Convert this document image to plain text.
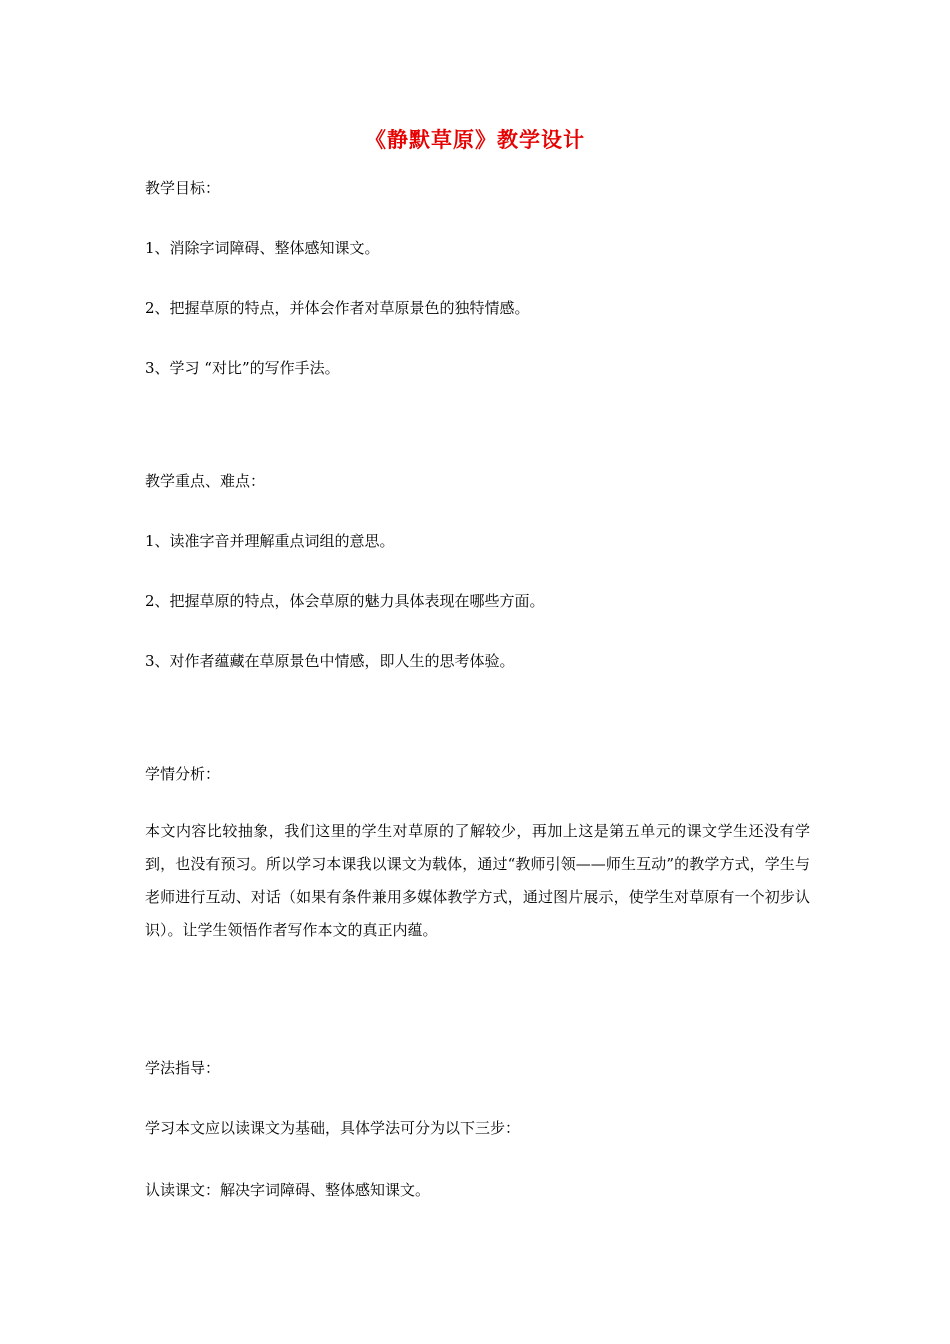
《静默草原》教学设计
教学目标：
1、消除字词障碍、整体感知课文。
2、把握草原的特点，并体会作者对草原景色的独特情感。
3、学习 “对比”的写作手法。
教学重点、难点：
1、读准字音并理解重点词组的意思。
2、把握草原的特点，体会草原的魅力具体表现在哪些方面。
3、对作者蕴藏在草原景色中情感，即人生的思考体验。
学情分析：
本文内容比较抽象，我们这里的学生对草原的了解较少，再加上这是第五单元的课文学生还没有学到，也没有预习。所以学习本课我以课文为载体，通过“教师引领——师生互动”的教学方式，学生与老师进行互动、对话（如果有条件兼用多媒体教学方式，通过图片展示，使学生对草原有一个初步认识）。让学生领悟作者写作本文的真正内蕴。
学法指导：
学习本文应以读课文为基础，具体学法可分为以下三步：
认读课文：解决字词障碍、整体感知课文。
